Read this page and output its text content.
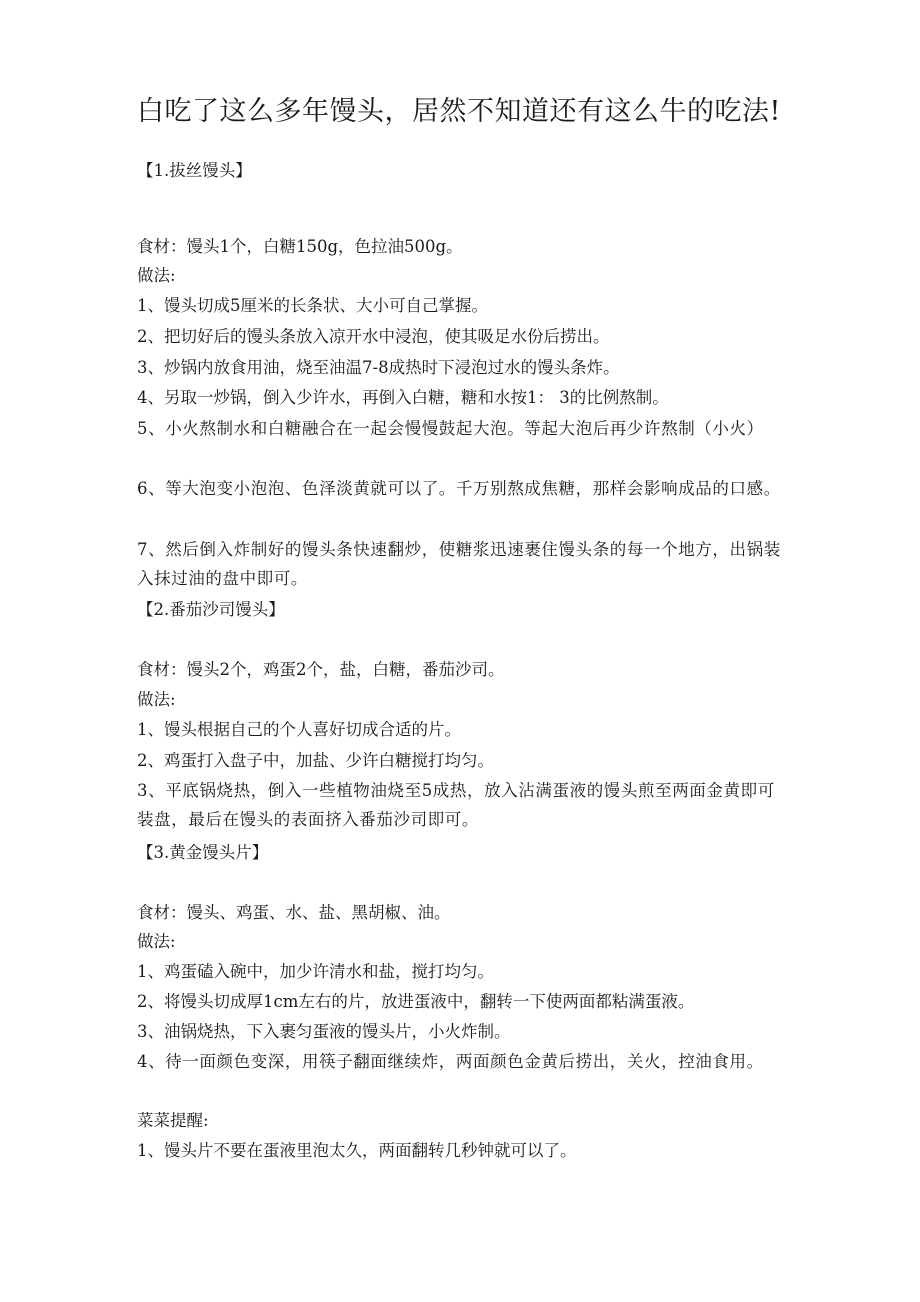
白吃了这么多年馒头，居然不知道还有这么牛的吃法!
【1.拔丝馒头】
食材：馒头1个，白糖150g，色拉油500g。
做法:
1、馒头切成5厘米的长条状、大小可自己掌握。
2、把切好后的馒头条放入凉开水中浸泡，使其吸足水份后捞出。
3、炒锅内放食用油，烧至油温7-8成热时下浸泡过水的馒头条炸。
4、另取一炒锅，倒入少许水，再倒入白糖，糖和水按1： 3的比例熬制。
5、小火熬制水和白糖融合在一起会慢慢鼓起大泡。等起大泡后再少许熬制（小火）
6、等大泡变小泡泡、色泽淡黄就可以了。千万别熬成焦糖，那样会影响成品的口感。
7、然后倒入炸制好的馒头条快速翻炒，使糖浆迅速裹住馒头条的每一个地方，出锅装入抹过油的盘中即可。
【2.番茄沙司馒头】
食材：馒头2个，鸡蛋2个，盐，白糖，番茄沙司。
做法:
1、馒头根据自己的个人喜好切成合适的片。
2、鸡蛋打入盘子中，加盐、少许白糖搅打均匀。
3、平底锅烧热，倒入一些植物油烧至5成热，放入沾满蛋液的馒头煎至两面金黄即可装盘，最后在馒头的表面挤入番茄沙司即可。
【3.黄金馒头片】
食材：馒头、鸡蛋、水、盐、黑胡椒、油。
做法:
1、鸡蛋磕入碗中，加少许清水和盐，搅打均匀。
2、将馒头切成厚1cm左右的片，放进蛋液中，翻转一下使两面都粘满蛋液。
3、油锅烧热，下入裹匀蛋液的馒头片，小火炸制。
4、待一面颜色变深，用筷子翻面继续炸，两面颜色金黄后捞出，关火，控油食用。
菜菜提醒:
1、馒头片不要在蛋液里泡太久，两面翻转几秒钟就可以了。
